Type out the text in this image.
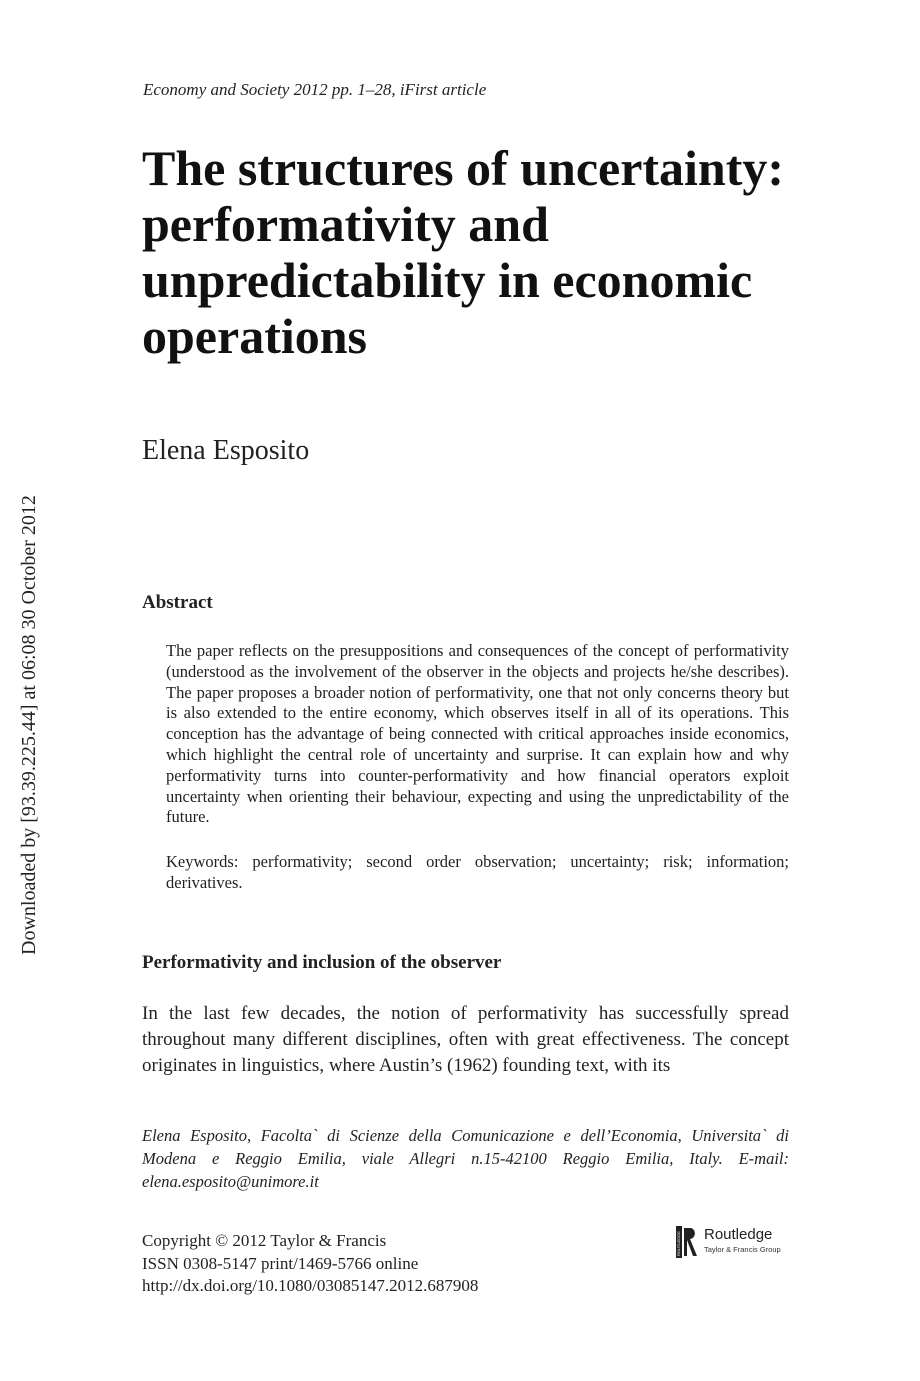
Economy and Society 2012 pp. 1–28, iFirst article
The structures of uncertainty: performativity and unpredictability in economic operations
Elena Esposito
Downloaded by [93.39.225.44] at 06:08 30 October 2012	Abstract

The paper reflects on the presuppositions and consequences of the concept of performativity (understood as the involvement of the observer in the objects and projects he/she describes). The paper proposes a broader notion of performativity, one that not only concerns theory but is also extended to the entire economy, which observes itself in all of its operations. This conception has the advantage of being connected with critical approaches inside economics, which highlight the central role of uncertainty and surprise. It can explain how and why performativity turns into counter-performativity and how financial operators exploit uncertainty when orienting their behaviour, expecting and using the unpredictability of the future.

Keywords: performativity; second order observation; uncertainty; risk; information; derivatives.

Performativity and inclusion of the observer

In the last few decades, the notion of performativity has successfully spread throughout many different disciplines, often with great effectiveness. The concept originates in linguistics, where Austin’s (1962) founding text, with its

Elena Esposito, Facolta` di Scienze della Comunicazione e dell’Economia, Universita` di Modena e Reggio Emilia, viale Allegri n.15-42100 Reggio Emilia, Italy. E-mail: elena.esposito@unimore.it

Copyright © 2012 Taylor & Francis
ISSN 0308-5147 print/1469-5766 online
http://dx.doi.org/10.1080/03085147.2012.687908
ROUTLEDGE Routledge
Taylor & Francis Group
